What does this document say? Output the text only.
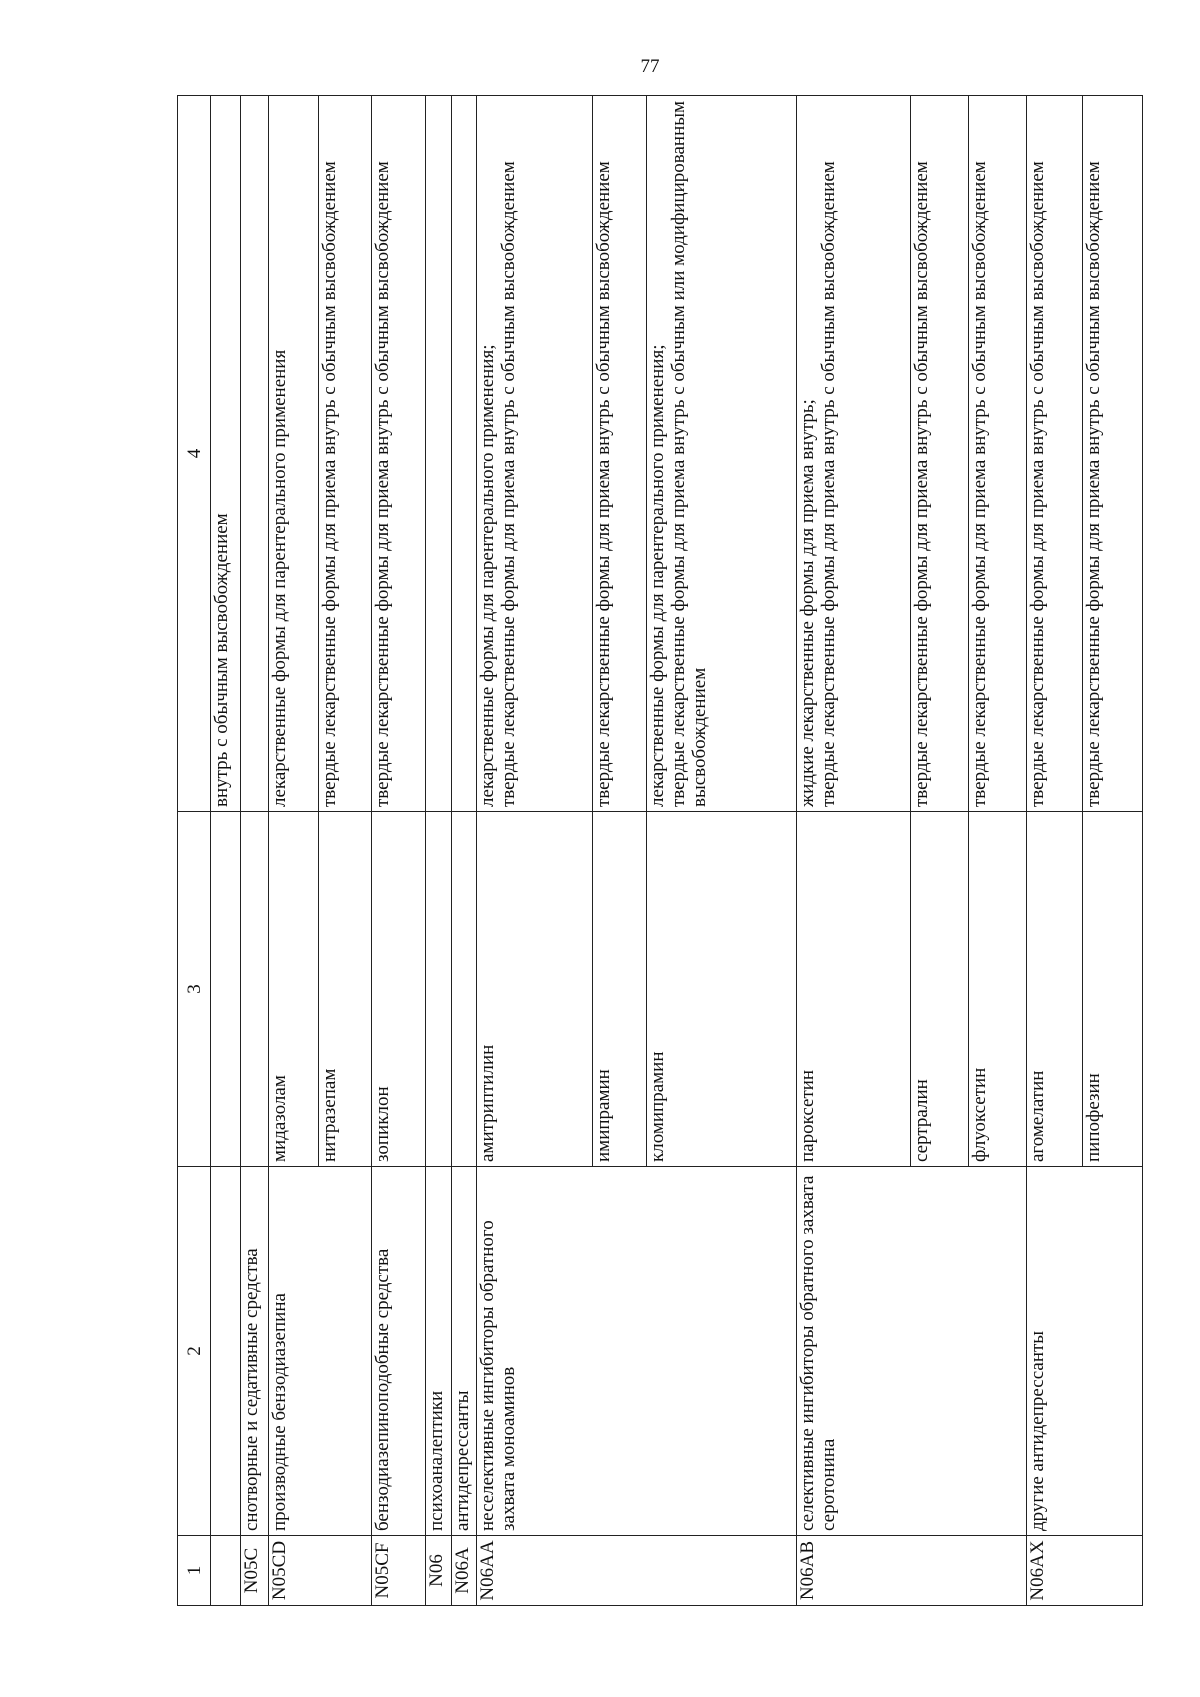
77
1	2	3	4
			внутрь с обычным высвобождением
N05C	снотворные и седативные средства		
N05CD	производные бензодиазепина	мидазолам	лекарственные формы для парентерального применения
		нитразепам	твердые лекарственные формы для приема внутрь с обычным высвобождением
N05CF	бензодиазепиноподобные средства	зопиклон	твердые лекарственные формы для приема внутрь с обычным высвобождением
N06	психоаналептики		
N06A	антидепрессанты		
N06AA	неселективные ингибиторы обратного захвата моноаминов	амитриптилин	лекарственные формы для парентерального применения;
твердые лекарственные формы для приема внутрь с обычным высвобождением
		имипрамин	твердые лекарственные формы для приема внутрь с обычным высвобождением
		кломипрамин	лекарственные формы для парентерального применения;
твердые лекарственные формы для приема внутрь с обычным или модифицированным высвобождением
N06AB	селективные ингибиторы обратного захвата серотонина	пароксетин	жидкие лекарственные формы для приема внутрь;
твердые лекарственные формы для приема внутрь с обычным высвобождением
		сертралин	твердые лекарственные формы для приема внутрь с обычным высвобождением
		флуоксетин	твердые лекарственные формы для приема внутрь с обычным высвобождением
N06AX	другие антидепрессанты	агомелатин	твердые лекарственные формы для приема внутрь с обычным высвобождением
		пипофезин	твердые лекарственные формы для приема внутрь с обычным высвобождением
